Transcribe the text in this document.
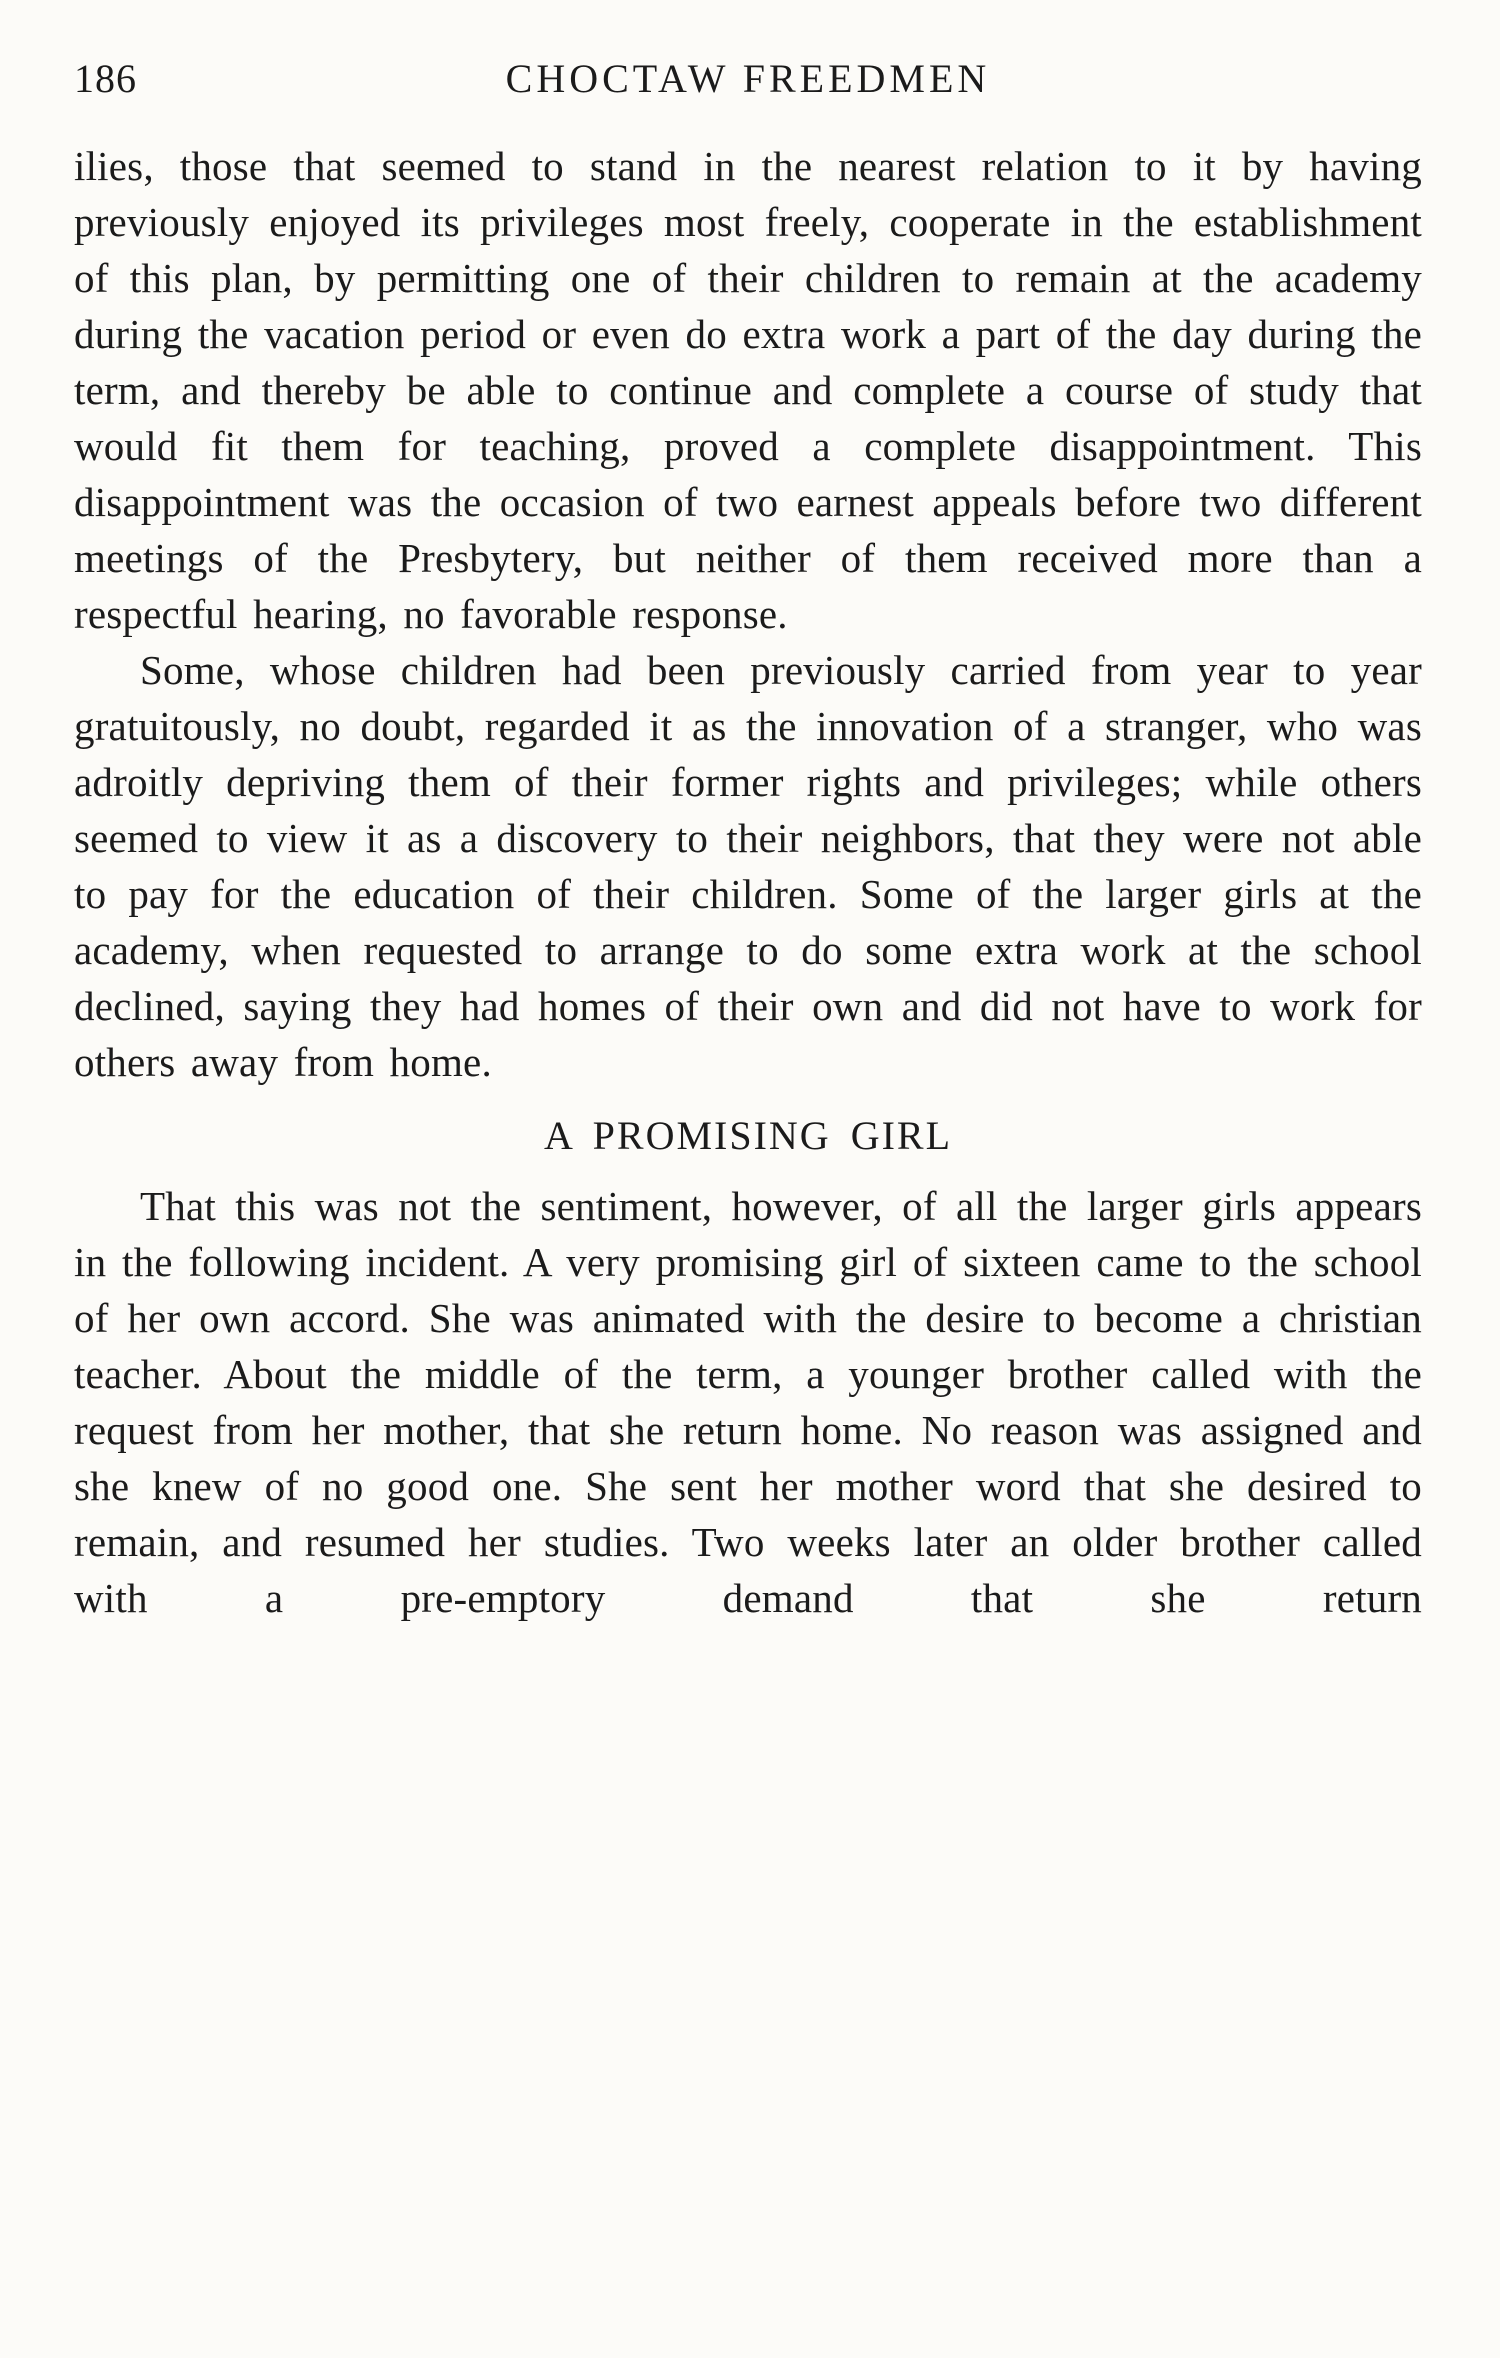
186	CHOCTAW FREEDMEN

ilies, those that seemed to stand in the nearest relation to it by having previously enjoyed its privileges most freely, cooperate in the establishment of this plan, by permitting one of their children to remain at the academy during the vacation period or even do extra work a part of the day during the term, and thereby be able to continue and complete a course of study that would fit them for teaching, proved a complete disappointment. This disappointment was the occasion of two earnest appeals before two different meetings of the Presbytery, but neither of them received more than a respectful hearing, no favorable response.

Some, whose children had been previously carried from year to year gratuitously, no doubt, regarded it as the innovation of a stranger, who was adroitly depriving them of their former rights and privileges; while others seemed to view it as a discovery to their neighbors, that they were not able to pay for the education of their children. Some of the larger girls at the academy, when requested to arrange to do some extra work at the school declined, saying they had homes of their own and did not have to work for others away from home.

A PROMISING GIRL

That this was not the sentiment, however, of all the larger girls appears in the following incident. A very promising girl of sixteen came to the school of her own accord. She was animated with the desire to become a christian teacher. About the middle of the term, a younger brother called with the request from her mother, that she return home. No reason was assigned and she knew of no good one. She sent her mother word that she desired to remain, and resumed her studies. Two weeks later an older brother called with a pre-emptory demand that she return
